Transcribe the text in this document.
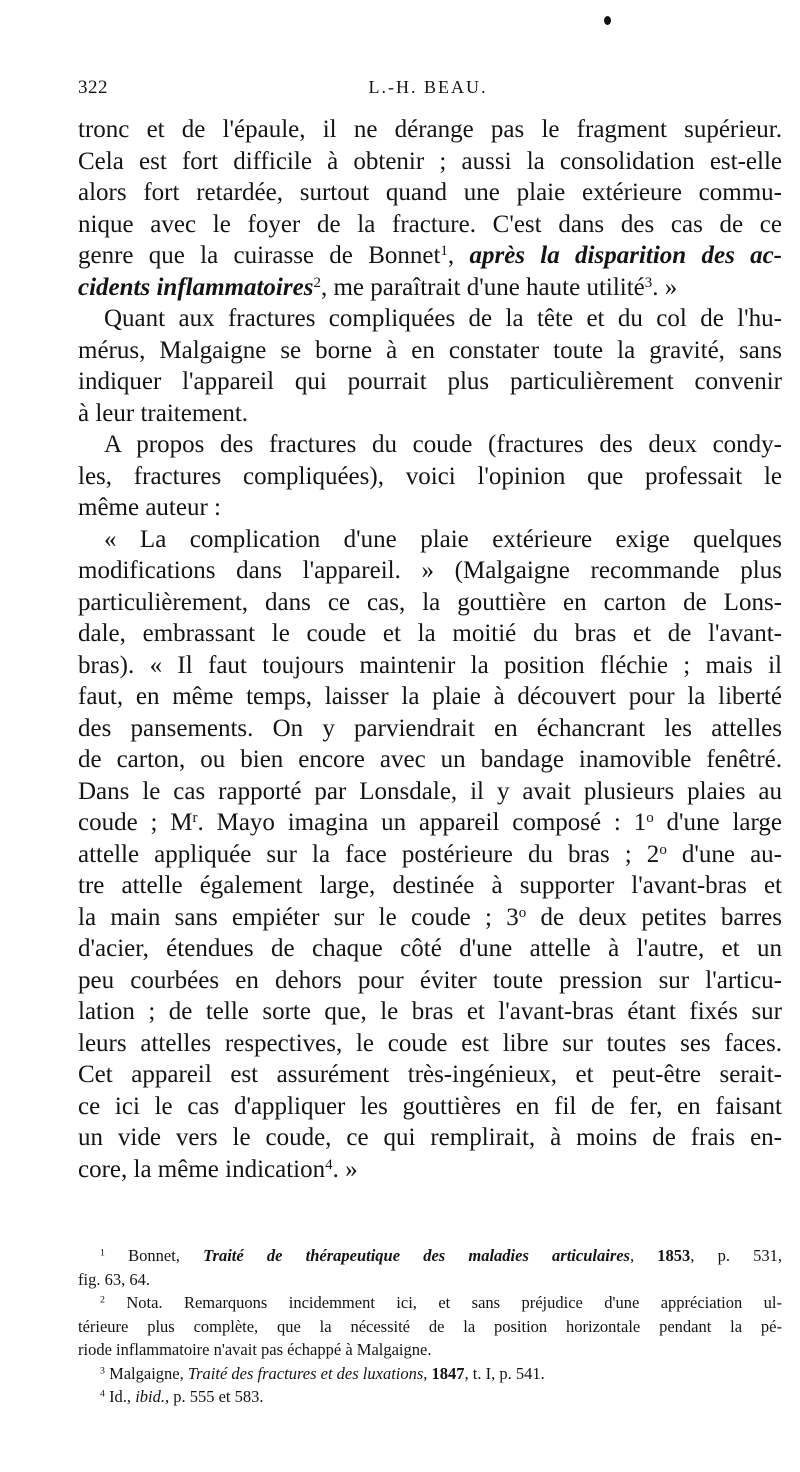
322	L.-H. BEAU.
tronc et de l'épaule, il ne dérange pas le fragment supérieur.
Cela est fort difficile à obtenir ; aussi la consolidation est-elle
alors fort retardée, surtout quand une plaie extérieure commu-
nique avec le foyer de la fracture. C'est dans des cas de ce
genre que la cuirasse de Bonnet$^1$, après la disparition des ac-
cidents inflammatoires$^2$, me paraîtrait d'une haute utilité$^3$. »
Quant aux fractures compliquées de la tête et du col de l'hu-
mérus, Malgaigne se borne à en constater toute la gravité, sans
indiquer l'appareil qui pourrait plus particulièrement convenir
à leur traitement.
A propos des fractures du coude (fractures des deux condy-
les, fractures compliquées), voici l'opinion que professait le
même auteur :
« La complication d'une plaie extérieure exige quelques
modifications dans l'appareil. » (Malgaigne recommande plus
particulièrement, dans ce cas, la gouttière en carton de Lons-
dale, embrassant le coude et la moitié du bras et de l'avant-
bras). « Il faut toujours maintenir la position fléchie ; mais il
faut, en même temps, laisser la plaie à découvert pour la liberté
des pansements. On y parviendrait en échancrant les attelles
de carton, ou bien encore avec un bandage inamovible fenêtré.
Dans le cas rapporté par Lonsdale, il y avait plusieurs plaies au
coude ; $M^r$. Mayo imagina un appareil composé : 1$^o$ d'une large
attelle appliquée sur la face postérieure du bras ; 2$^o$ d'une au-
tre attelle également large, destinée à supporter l'avant-bras et
la main sans empiéter sur le coude ; 3$^o$ de deux petites barres
d'acier, étendues de chaque côté d'une attelle à l'autre, et un
peu courbées en dehors pour éviter toute pression sur l'articu-
lation ; de telle sorte que, le bras et l'avant-bras étant fixés sur
leurs attelles respectives, le coude est libre sur toutes ses faces.
Cet appareil est assurément très-ingénieux, et peut-être serait-
ce ici le cas d'appliquer les gouttières en fil de fer, en faisant
un vide vers le coude, ce qui remplirait, à moins de frais en-
core, la même indication$^4$. »
$^1$ Bonnet, Traité de thérapeutique des maladies articulaires, 1853, p. 531,
fig. 63, 64.
$^2$ Nota. Remarquons incidemment ici, et sans préjudice d'une appréciation ul-
térieure plus complète, que la nécessité de la position horizontale pendant la pé-
riode inflammatoire n'avait pas échappé à Malgaigne.
$^3$ Malgaigne, Traité des fractures et des luxations, 1847, t. I, p. 541.
$^4$ Id., ibid., p. 555 et 583.
